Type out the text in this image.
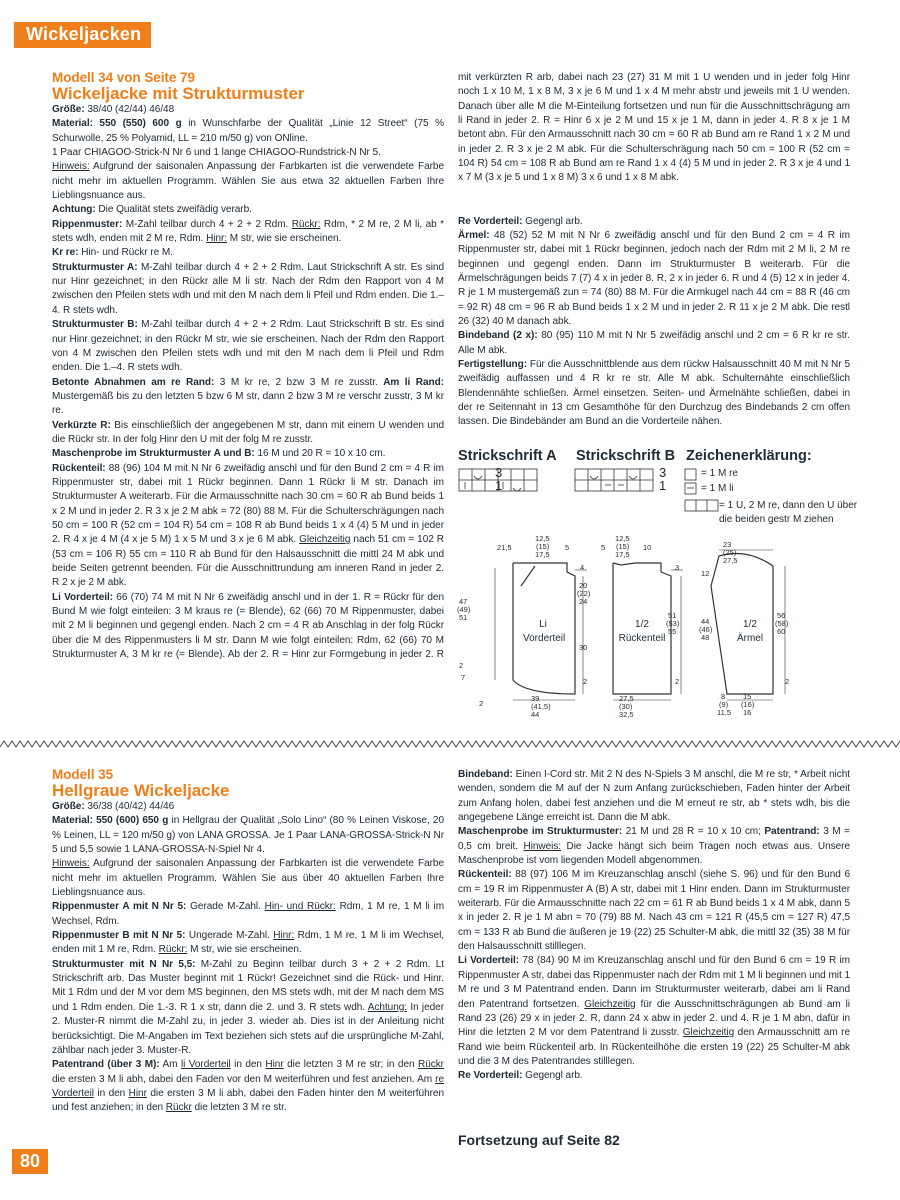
Wickeljacken

Modell 34 von Seite 79

Wickeljacke mit Strukturmuster

Größe: 38/40 (42/44) 46/48

Material: 550 (550) 600 g in Wunschfarbe der Qualität „Linie 12 Street“ (75 % Schurwolle, 25 % Polyamid, LL = 210 m/50 g) von ONline.

1 Paar CHIAGOO-Strick-N Nr 6 und 1 lange CHIAGOO-Rundstrick-N Nr 5.

Hinweis: Aufgrund der saisonalen Anpassung der Farbkarten ist die verwendete Farbe nicht mehr im aktuellen Programm. Wählen Sie aus etwa 32 aktuellen Farben Ihre Lieblingsnuance aus.

Achtung: Die Qualität stets zweifädig verarb.

Rippenmuster: M-Zahl teilbar durch 4 + 2 + 2 Rdm. Rückr: Rdm, * 2 M re, 2 M li, ab * stets wdh, enden mit 2 M re, Rdm. Hinr: M str, wie sie erscheinen.

Kr re: Hin- und Rückr re M.

Strukturmuster A: M-Zahl teilbar durch 4 + 2 + 2 Rdm. Laut Strickschrift A str. Es sind nur Hinr gezeichnet; in den Rückr alle M li str. Nach der Rdm den Rapport von 4 M zwischen den Pfeilen stets wdh und mit den M nach dem li Pfeil und Rdm enden. Die 1.–4. R stets wdh.

Strukturmuster B: M-Zahl teilbar durch 4 + 2 + 2 Rdm. Laut Strickschrift B str. Es sind nur Hinr gezeichnet; in den Rückr M str, wie sie erscheinen. Nach der Rdm den Rapport von 4 M zwischen den Pfeilen stets wdh und mit den M nach dem li Pfeil und Rdm enden. Die 1.–4. R stets wdh.

Betonte Abnahmen am re Rand: 3 M kr re, 2 bzw 3 M re zusstr. Am li Rand: Mustergemäß bis zu den letzten 5 bzw 6 M str, dann 2 bzw 3 M re verschr zusstr, 3 M kr re.

Verkürzte R: Bis einschließlich der angegebenen M str, dann mit einem U wenden und die Rückr str. In der folg Hinr den U mit der folg M re zusstr.

Maschenprobe im Strukturmuster A und B: 16 M und 20 R = 10 x 10 cm.

Rückenteil: 88 (96) 104 M mit N Nr 6 zweifädig anschl und für den Bund 2 cm = 4 R im Rippenmuster str, dabei mit 1 Rückr beginnen. Dann 1 Rückr li M str. Danach im Strukturmuster A weiterarb. Für die Armausschnitte nach 30 cm = 60 R ab Bund beids 1 x 2 M und in jeder 2. R 3 x je 2 M abk = 72 (80) 88 M. Für die Schulterschrägungen nach 50 cm = 100 R (52 cm = 104 R) 54 cm = 108 R ab Bund beids 1 x 4 (4) 5 M und in jeder 2. R 4 x je 4 M (4 x je 5 M) 1 x 5 M und 3 x je 6 M abk. Gleichzeitig nach 51 cm = 102 R (53 cm = 106 R) 55 cm = 110 R ab Bund für den Halsausschnitt die mittl 24 M abk und beide Seiten getrennt beenden. Für die Ausschnittrundung am inneren Rand in jeder 2. R 2 x je 2 M abk.

Li Vorderteil: 66 (70) 74 M mit N Nr 6 zweifädig anschl und in der 1. R = Rückr für den Bund M wie folgt einteilen: 3 M kraus re (= Blende), 62 (66) 70 M Rippenmuster, dabei mit 2 M li beginnen und gegengl enden. Nach 2 cm = 4 R ab Anschlag in der folg Rückr über die M des Rippenmusters li M str. Dann M wie folgt einteilen: Rdm, 62 (66) 70 M Strukturmuster A, 3 M kr re (= Blende). Ab der 2. R = Hinr zur Formgebung in jeder 2. R

mit verkürzten R arb, dabei nach 23 (27) 31 M mit 1 U wenden und in jeder folg Hinr noch 1 x 10 M, 1 x 8 M, 3 x je 6 M und 1 x 4 M mehr abstr und jeweils mit 1 U wenden. Danach über alle M die M-Einteilung fortsetzen und nun für die Ausschnittschrägung am li Rand in jeder 2. R = Hinr 6 x je 2 M und 15 x je 1 M, dann in jeder 4. R 8 x je 1 M betont abn. Für den Armausschnitt nach 30 cm = 60 R ab Bund am re Rand 1 x 2 M und in jeder 2. R 3 x je 2 M abk. Für die Schulterschrägung nach 50 cm = 100 R (52 cm = 104 R) 54 cm = 108 R ab Bund am re Rand 1 x 4 (4) 5 M und in jeder 2. R 3 x je 4 und 1 x 7 M (3 x je 5 und 1 x 8 M) 3 x 6 und 1 x 8 M abk.

Re Vorderteil: Gegengl arb.

Ärmel: 48 (52) 52 M mit N Nr 6 zweifädig anschl und für den Bund 2 cm = 4 R im Rippenmuster str, dabei mit 1 Rückr beginnen, jedoch nach der Rdm mit 2 M li, 2 M re beginnen und gegengl enden. Dann im Strukturmuster B weiterarb. Für die Ärmelschrägungen beids 7 (7) 4 x in jeder 8. R, 2 x in jeder 6. R und 4 (5) 12 x in jeder 4. R je 1 M mustergemäß zun = 74 (80) 88 M. Für die Armkugel nach 44 cm = 88 R (46 cm = 92 R) 48 cm = 96 R ab Bund beids 1 x 2 M und in jeder 2. R 11 x je 2 M abk. Die restl 26 (32) 40 M danach abk.

Bindeband (2 x): 80 (95) 110 M mit N Nr 5 zweifädig anschl und 2 cm = 6 R kr re str. Alle M abk.

Fertigstellung: Für die Ausschnittblende aus dem rückw Halsausschnitt 40 M mit N Nr 5 zweifädig auffassen und 4 R kr re str. Alle M abk. Schulternähte einschließlich Blendennähte schließen. Ärmel einsetzen. Seiten- und Ärmelnähte schließen, dabei in der re Seitennaht in 13 cm Gesamthöhe für den Durchzug des Bindebands 2 cm offen lassen. Die Bindebänder am Bund an die Vorderteile nähen.

Strickschrift A Strickschrift B Zeichenerklärung:
3
1
3
1
= 1 M re
= 1 M li
= 1 U, 2 M re, dann den U über die beiden gestr M ziehen
Li Vorderteil
1/2 Rückenteil
1/2 Ärmel
12,5
(15)
17,5
21,5	5	5
12,5
(15)
17,5
10
4	3
20
(22)
24
47
(49)
51	51
(53)
55
30
2
7	2	2	2
2
39 (41,5) 44
27,5 (30) 32,5
23 (25) 27,5
12
44
(46)
48
56
(58)
60
8
(9)
11,5
15
(16)
16

Modell 35

Hellgraue Wickeljacke

Größe: 36/38 (40/42) 44/46

Material: 550 (600) 650 g in Hellgrau der Qualität „Solo Lino“ (80 % Leinen Viskose, 20 % Leinen, LL = 120 m/50 g) von LANA GROSSA. Je 1 Paar LANA-GROSSA-Strick-N Nr 5 und 5,5 sowie 1 LANA-GROSSA-N-Spiel Nr 4.

Hinweis: Aufgrund der saisonalen Anpassung der Farbkarten ist die verwendete Farbe nicht mehr im aktuellen Programm. Wählen Sie aus über 40 aktuellen Farben Ihre Lieblingsnuance aus.

Rippenmuster A mit N Nr 5: Gerade M-Zahl. Hin- und Rückr: Rdm, 1 M re, 1 M li im Wechsel, Rdm.

Rippenmuster B mit N Nr 5: Ungerade M-Zahl. Hinr: Rdm, 1 M re, 1 M li im Wechsel, enden mit 1 M re, Rdm. Rückr: M str, wie sie erscheinen.

Strukturmuster mit N Nr 5,5: M-Zahl zu Beginn teilbar durch 3 + 2 + 2 Rdm. Lt Strickschrift arb. Das Muster beginnt mit 1 Rückr! Gezeichnet sind die Rück- und Hinr. Mit 1 Rdm und der M vor dem MS beginnen, den MS stets wdh, mit der M nach dem MS und 1 Rdm enden. Die 1.-3. R 1 x str, dann die 2. und 3. R stets wdh. Achtung: In jeder 2. Muster-R nimmt die M-Zahl zu, in jeder 3. wieder ab. Dies ist in der Anleitung nicht berücksichtigt. Die M-Angaben im Text beziehen sich stets auf die ursprüngliche M-Zahl, zählbar nach jeder 3. Muster-R.

Patentrand (über 3 M): Am li Vorderteil in den Hinr die letzten 3 M re str; in den Rückr die ersten 3 M li abh, dabei den Faden vor den M weiterführen und fest anziehen. Am re Vorderteil in den Hinr die ersten 3 M li abh, dabei den Faden hinter den M weiterführen und fest anziehen; in den Rückr die letzten 3 M re str.

Bindeband: Einen I-Cord str. Mit 2 N des N-Spiels 3 M anschl, die M re str, * Arbeit nicht wenden, sondern die M auf der N zum Anfang zurückschieben, Faden hinter der Arbeit zum Anfang holen, dabei fest anziehen und die M erneut re str, ab * stets wdh, bis die angegebene Länge erreicht ist. Dann die M abk.

Maschenprobe im Strukturmuster: 21 M und 28 R = 10 x 10 cm; Patentrand: 3 M = 0,5 cm breit. Hinweis: Die Jacke hängt sich beim Tragen noch etwas aus. Unsere Maschenprobe ist vom liegenden Modell abgenommen.

Rückenteil: 88 (97) 106 M im Kreuzanschlag anschl (siehe S. 96) und für den Bund 6 cm = 19 R im Rippenmuster A (B) A str, dabei mit 1 Hinr enden. Dann im Strukturmuster weiterarb. Für die Armausschnitte nach 22 cm = 61 R ab Bund beids 1 x 4 M abk, dann 5 x in jeder 2. R je 1 M abn = 70 (79) 88 M. Nach 43 cm = 121 R (45,5 cm = 127 R) 47,5 cm = 133 R ab Bund die äußeren je 19 (22) 25 Schulter-M abk, die mittl 32 (35) 38 M für den Halsausschnitt stilllegen.

Li Vorderteil: 78 (84) 90 M im Kreuzanschlag anschl und für den Bund 6 cm = 19 R im Rippenmuster A str, dabei das Rippenmuster nach der Rdm mit 1 M li beginnen und mit 1 M re und 3 M Patentrand enden. Dann im Strukturmuster weiterarb, dabei am li Rand den Patentrand fortsetzen. Gleichzeitig für die Ausschnittschrägungen ab Bund am li Rand 23 (26) 29 x in jeder 2. R, dann 24 x abw in jeder 2. und 4. R je 1 M abn, dafür in Hinr die letzten 2 M vor dem Patentrand li zusstr. Gleichzeitig den Armausschnitt am re Rand wie beim Rückenteil arb. In Rückenteilhöhe die ersten 19 (22) 25 Schulter-M abk und die 3 M des Patentrandes stilllegen.

Re Vorderteil: Gegengl arb.

Fortsetzung auf Seite 82
80
